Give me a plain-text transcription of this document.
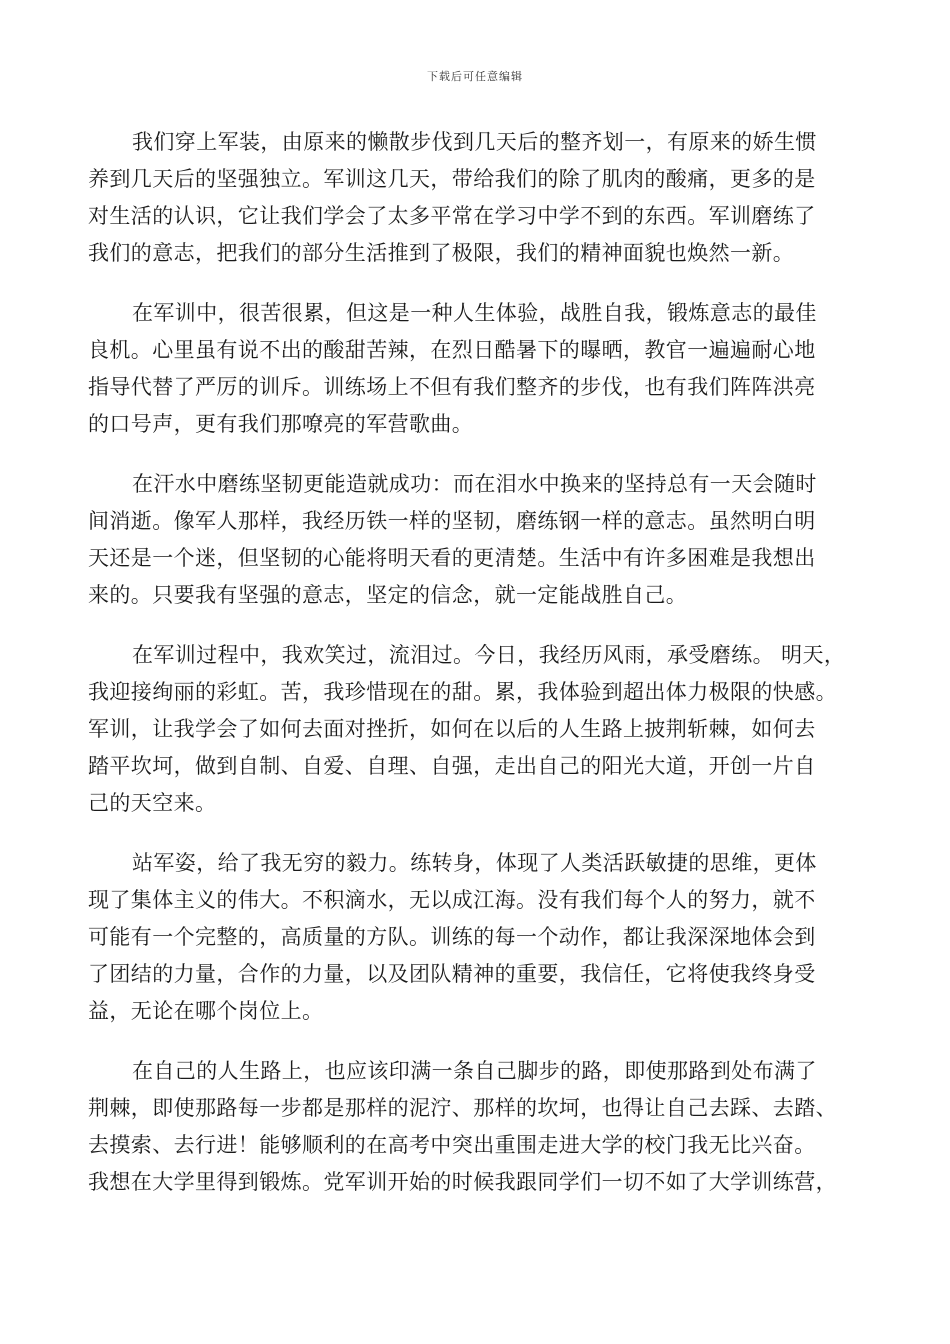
下载后可任意编辑
我们穿上军装，由原来的懒散步伐到几天后的整齐划一，有原来的娇生惯
养到几天后的坚强独立。军训这几天，带给我们的除了肌肉的酸痛，更多的是
对生活的认识，它让我们学会了太多平常在学习中学不到的东西。军训磨练了
我们的意志，把我们的部分生活推到了极限，我们的精神面貌也焕然一新。
在军训中，很苦很累，但这是一种人生体验，战胜自我，锻炼意志的最佳
良机。心里虽有说不出的酸甜苦辣，在烈日酷暑下的曝晒，教官一遍遍耐心地
指导代替了严厉的训斥。训练场上不但有我们整齐的步伐，也有我们阵阵洪亮
的口号声，更有我们那嘹亮的军营歌曲。
在汗水中磨练坚韧更能造就成功：而在泪水中换来的坚持总有一天会随时
间消逝。像军人那样，我经历铁一样的坚韧，磨练钢一样的意志。虽然明白明
天还是一个迷，但坚韧的心能将明天看的更清楚。生活中有许多困难是我想出
来的。只要我有坚强的意志，坚定的信念，就一定能战胜自己。
在军训过程中，我欢笑过，流泪过。今日，我经历风雨，承受磨练。 明天，
我迎接绚丽的彩虹。苦，我珍惜现在的甜。累，我体验到超出体力极限的快感。
军训，让我学会了如何去面对挫折，如何在以后的人生路上披荆斩棘，如何去
踏平坎坷，做到自制、自爱、自理、自强，走出自己的阳光大道，开创一片自
己的天空来。
站军姿，给了我无穷的毅力。练转身，体现了人类活跃敏捷的思维，更体
现了集体主义的伟大。不积滴水，无以成江海。没有我们每个人的努力，就不
可能有一个完整的，高质量的方队。训练的每一个动作，都让我深深地体会到
了团结的力量，合作的力量，以及团队精神的重要，我信任，它将使我终身受
益，无论在哪个岗位上。
在自己的人生路上，也应该印满一条自己脚步的路，即使那路到处布满了
荆棘，即使那路每一步都是那样的泥泞、那样的坎坷，也得让自己去踩、去踏、
去摸索、去行进！能够顺利的在高考中突出重围走进大学的校门我无比兴奋。
我想在大学里得到锻炼。党军训开始的时候我跟同学们一切不如了大学训练营，
